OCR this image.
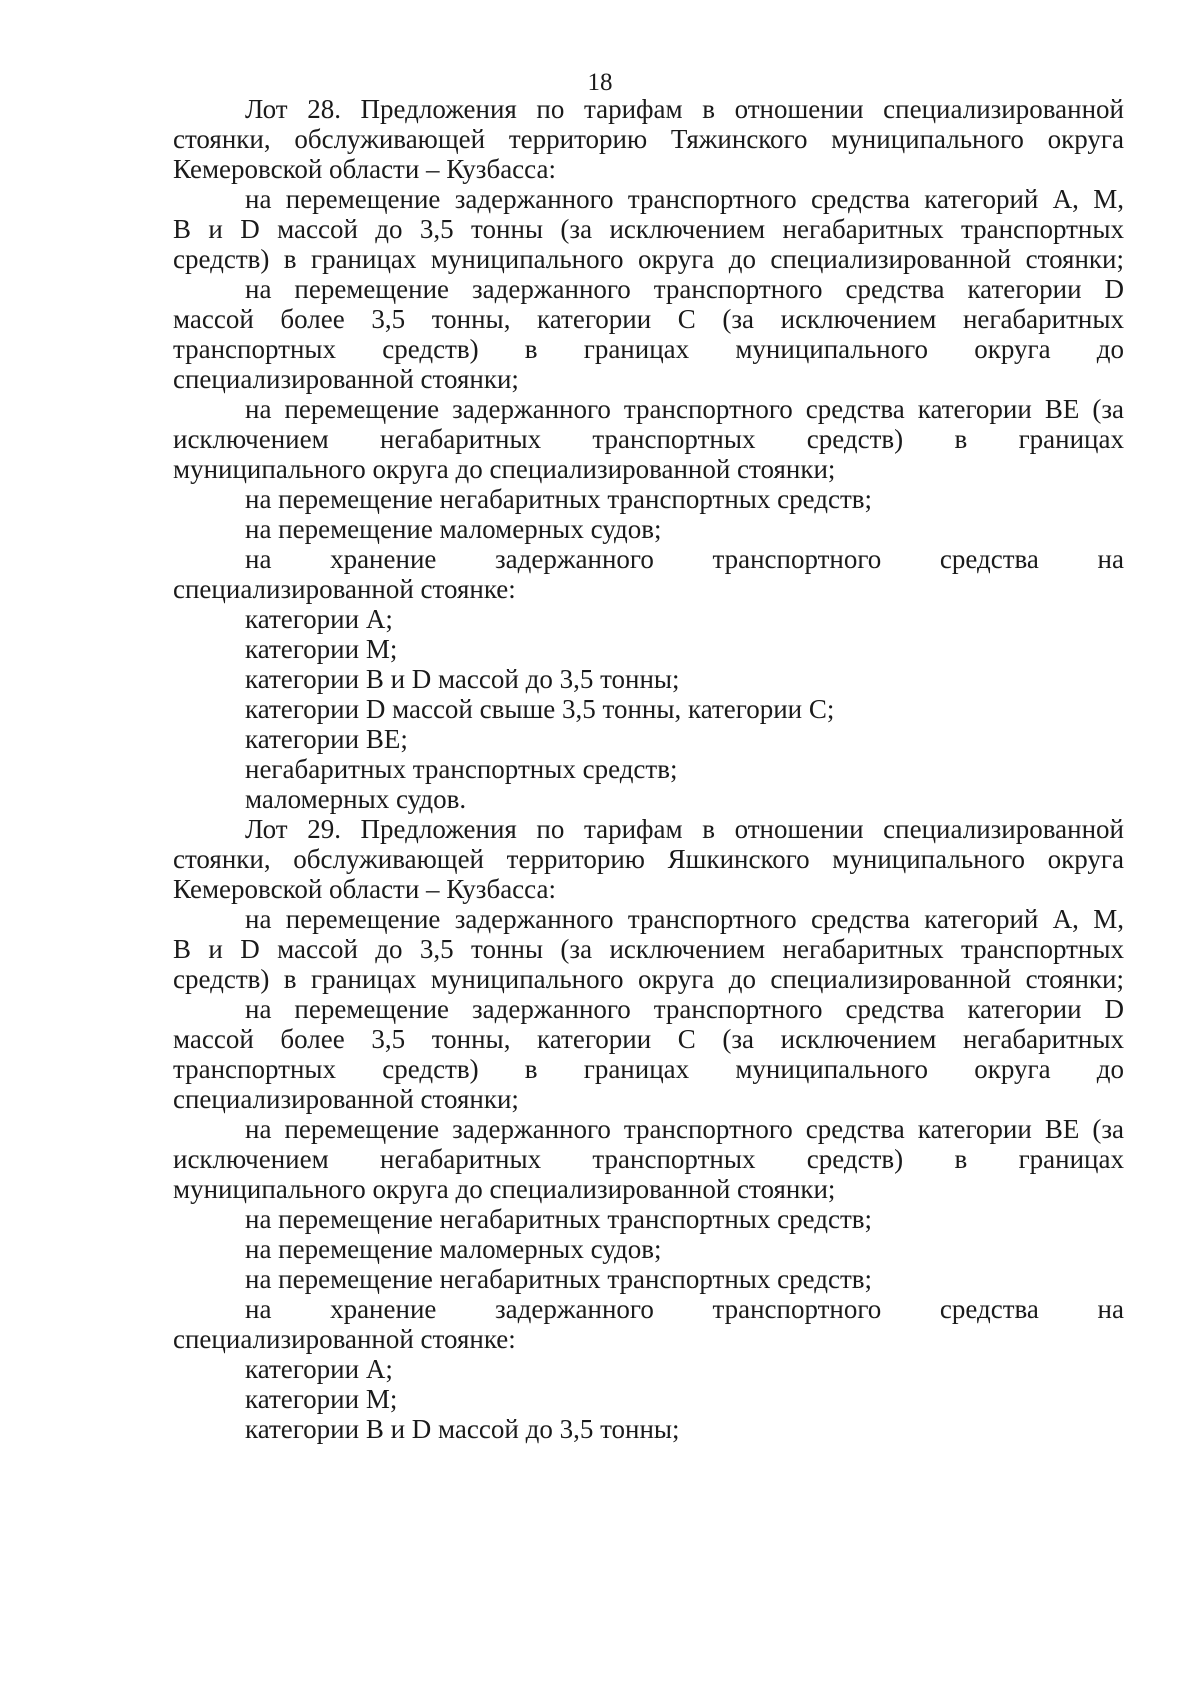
18
Лот 28. Предложения по тарифам в отношении специализированной
стоянки, обслуживающей территорию Тяжинского муниципального округа
Кемеровской области – Кузбасса:
на перемещение задержанного транспортного средства категорий А, М,
В и D массой до 3,5 тонны (за исключением негабаритных транспортных
средств) в границах муниципального округа до специализированной стоянки;
на перемещение задержанного транспортного средства категории D
массой более 3,5 тонны, категории С (за исключением негабаритных
транспортных средств) в границах муниципального округа до
специализированной стоянки;
на перемещение задержанного транспортного средства категории ВЕ (за
исключением негабаритных транспортных средств) в границах
муниципального округа до специализированной стоянки;
на перемещение негабаритных транспортных средств;
на перемещение маломерных судов;
на хранение задержанного транспортного средства на
специализированной стоянке:
категории А;
категории М;
категории В и D массой до 3,5 тонны;
категории D массой свыше 3,5 тонны, категории С;
категории ВЕ;
негабаритных транспортных средств;
маломерных судов.
Лот 29. Предложения по тарифам в отношении специализированной
стоянки, обслуживающей территорию Яшкинского муниципального округа
Кемеровской области – Кузбасса:
на перемещение задержанного транспортного средства категорий А, М,
В и D массой до 3,5 тонны (за исключением негабаритных транспортных
средств) в границах муниципального округа до специализированной стоянки;
на перемещение задержанного транспортного средства категории D
массой более 3,5 тонны, категории С (за исключением негабаритных
транспортных средств) в границах муниципального округа до
специализированной стоянки;
на перемещение задержанного транспортного средства категории ВЕ (за
исключением негабаритных транспортных средств) в границах
муниципального округа до специализированной стоянки;
на перемещение негабаритных транспортных средств;
на перемещение маломерных судов;
на перемещение негабаритных транспортных средств;
на хранение задержанного транспортного средства на
специализированной стоянке:
категории А;
категории М;
категории В и D массой до 3,5 тонны;
